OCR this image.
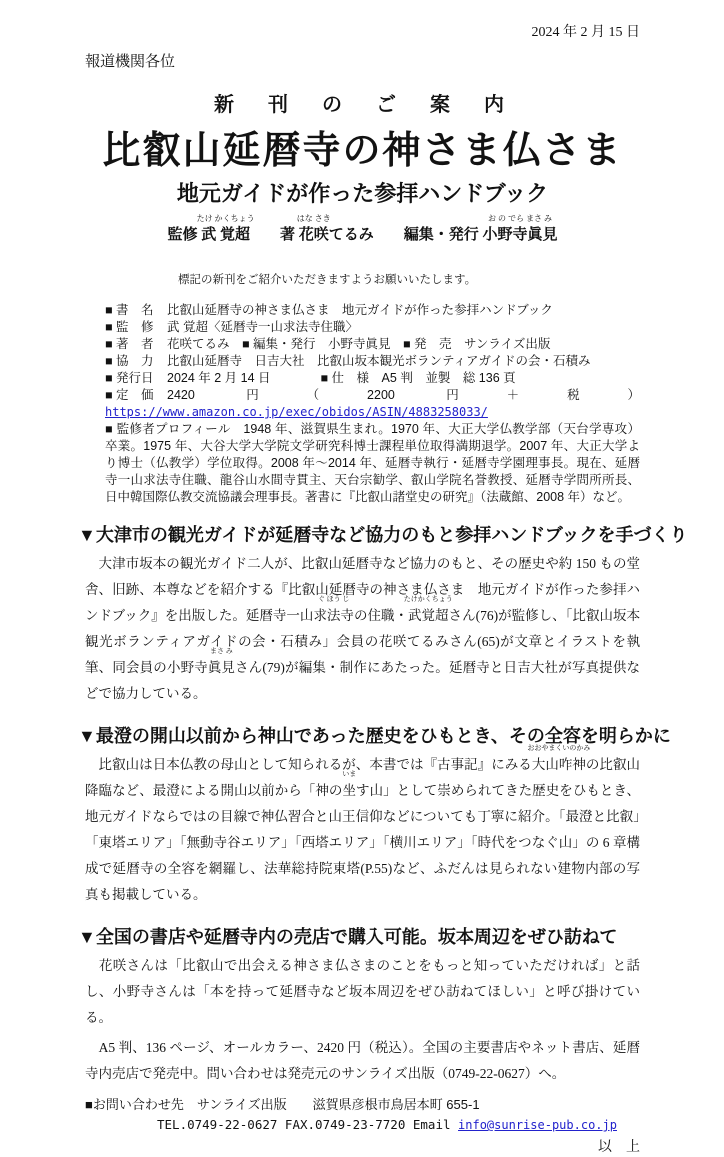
2024 年 2 月 15 日
報道機関各位
新　刊　の　ご　案　内
比叡山延暦寺の神さま仏さま
地元ガイドが作った参拝ハンドブック
監修 武 覚超
たけ かくちょう
　　著 花咲
はな さき
てるみ　　編集・発行 小野寺眞見
お の でら まさ み
標記の新刊をご紹介いただきますようお願いいたします。
■ 書　名 比叡山延暦寺の神さま仏さま　地元ガイドが作った参拝ハンドブック
■ 監　修 武 覚超〈延暦寺一山求法寺住職〉
■ 著　者 花咲てるみ　■ 編集・発行　小野寺眞見　■ 発　売　サンライズ出版
■ 協　力 比叡山延暦寺　日吉大社　比叡山坂本観光ボランティアガイドの会・石積み
■ 発行日 2024 年 2 月 14 日　　　　■ 仕　様　A5 判　並製　総 136 頁
■ 定　価 2420 円（2200 円＋税） https://www.amazon.co.jp/exec/obidos/ASIN/4883258033/
■ 監修者プロフィール　1948 年、滋賀県生まれ。1970 年、大正大学仏教学部（天台学専攻）卒業。1975 年、大谷大学大学院文学研究科博士課程単位取得満期退学。2007 年、大正大学より博士（仏教学）学位取得。2008 年～2014 年、延暦寺執行・延暦寺学園理事長。現在、延暦寺一山求法寺住職、龍谷山水間寺貫主、天台宗勧学、叡山学院名誉教授、延暦寺学問所所長、日中韓国際仏教交流協議会理事長。著書に『比叡山諸堂史の研究』（法蔵館、2008 年）など。
▼大津市の観光ガイドが延暦寺など協力のもと参拝ハンドブックを手づくり

　大津市坂本の観光ガイド二人が、比叡山延暦寺など協力のもと、その歴史や約 150 もの堂舎、旧跡、本尊などを紹介する『比叡山延暦寺の神さま仏さま　地元ガイドが作った参拝ハンドブック』を出版した。延暦寺一山求法寺
ぐ ほう じ
の住職・武覚超
たけかくちょう
さん(76)が監修し、「比叡山坂本観光ボランティアガイドの会・石積み」会員の花咲てるみさん(65)が文章とイラストを執筆、同会員の小野寺眞見
まさ み
さん(79)が編集・制作にあたった。延暦寺と日吉大社が写真提供などで協力している。

▼最澄の開山以前から神山であった歴史をひもとき、その全容を明らかに

　比叡山は日本仏教の母山として知られるが、本書では『古事記』にみる大山咋神
おおやまくいのかみ
の比叡山降臨など、最澄による開山以前から「神の坐
いま
す山」として崇められてきた歴史をひもとき、地元ガイドならではの目線で神仏習合と山王信仰などについても丁寧に紹介。「最澄と比叡」「東塔エリア」「無動寺谷エリア」「西塔エリア」「横川エリア」「時代をつなぐ山」の 6 章構成で延暦寺の全容を網羅し、法華総持院東塔(P.55)など、ふだんは見られない建物内部の写真も掲載している。

▼全国の書店や延暦寺内の売店で購入可能。坂本周辺をぜひ訪ねて

　花咲さんは「比叡山で出会える神さま仏さまのことをもっと知っていただければ」と話し、小野寺さんは「本を持って延暦寺など坂本周辺をぜひ訪ねてほしい」と呼び掛けている。

　A5 判、136 ページ、オールカラー、2420 円（税込）。全国の主要書店やネット書店、延暦寺内売店で発売中。問い合わせは発売元のサンライズ出版（0749-22-0627）へ。

■お問い合わせ先　サンライズ出版　　滋賀県彦根市鳥居本町 655-1
TEL.0749-22-0627 FAX.0749-23-7720 Email info@sunrise-pub.co.jp
以　上
